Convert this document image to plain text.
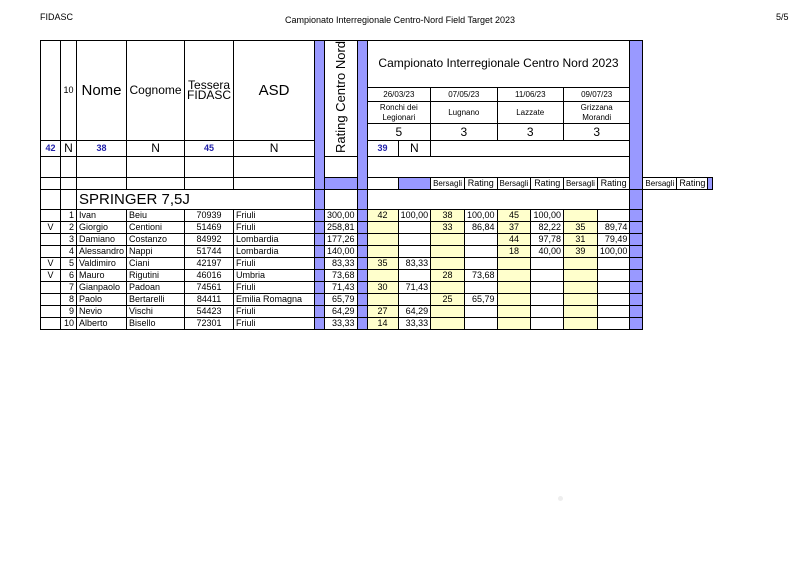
FIDASC	Campionato Interregionale Centro-Nord Field Target 2023	5/5
	10	Nome	Cognome	Tessera FIDASC	ASD		Rating Centro Nord		Campionato Interregionale Centro Nord 2023											
									26/03/23		07/05/23		11/06/23		09/07/23					
									Ronchi dei Legionari		Lugnano		Lazzate		Grizzana Morandi					
									5		3		3		3					
42	N	38	N	45	N				39	N										

											Bersagli	Rating	Bersagli	Rating	Bersagli	Rating		Bersagli	Rating	
		SPRINGER 7,5J																		
	1	Ivan	Beiu	70939	Friuli		300,00		42	100,00	38	100,00	45	100,00						
V	2	Giorgio	Centioni	51469	Friuli		258,81				33	86,84	37	82,22	35	89,74				
	3	Damiano	Costanzo	84992	Lombardia		177,26						44	97,78	31	79,49				
	4	Alessandro	Nappi	51744	Lombardia		140,00						18	40,00	39	100,00				
V	5	Valdimiro	Ciani	42197	Friuli		83,33		35	83,33										
V	6	Mauro	Rigutini	46016	Umbria		73,68				28	73,68								
	7	Gianpaolo	Padoan	74561	Friuli		71,43		30	71,43										
	8	Paolo	Bertarelli	84411	Emilia Romagna		65,79				25	65,79								
	9	Nevio	Vischi	54423	Friuli		64,29		27	64,29										
	10	Alberto	Bisello	72301	Friuli		33,33		14	33,33										
